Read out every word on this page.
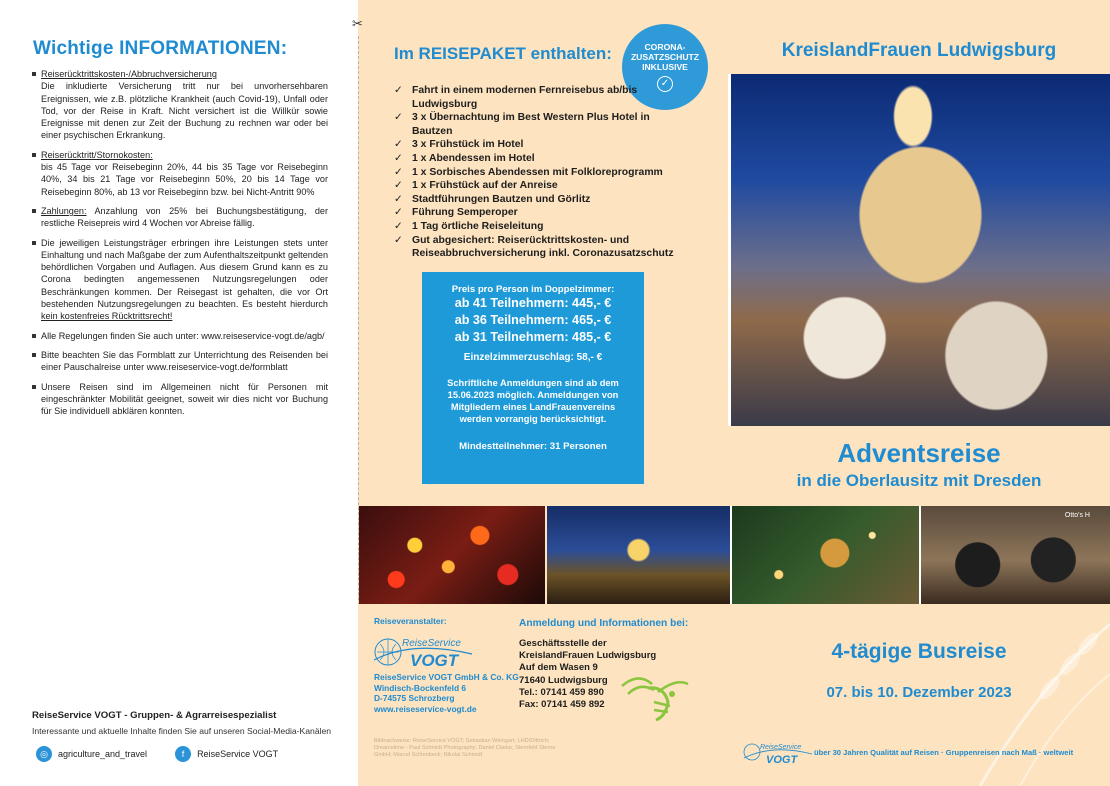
Wichtige INFORMATIONEN:
Reiserücktrittskosten-/Abbruchversicherung
Die inkludierte Versicherung tritt nur bei unvorhersehbaren Ereignissen, wie z.B. plötzliche Krankheit (auch Covid-19), Unfall oder Tod, vor der Reise in Kraft. Nicht versichert ist die Willkür sowie Ereignisse mit denen zur Zeit der Buchung zu rechnen war oder bei einer psychischen Erkrankung.
Reiserücktritt/Stornokosten:
bis 45 Tage vor Reisebeginn 20%, 44 bis 35 Tage vor Reisebeginn 40%, 34 bis 21 Tage vor Reisebeginn 50%, 20 bis 14 Tage vor Reisebeginn 80%, ab 13 vor Reisebeginn bzw. bei Nicht-Antritt 90%
Zahlungen: Anzahlung von 25% bei Buchungsbestätigung, der restliche Reisepreis wird 4 Wochen vor Abreise fällig.
Die jeweiligen Leistungsträger erbringen ihre Leistungen stets unter Einhaltung und nach Maßgabe der zum Aufenthaltszeitpunkt geltenden behördlichen Vorgaben und Auflagen. Aus diesem Grund kann es zu Corona bedingten angemessenen Nutzungsregelungen oder Beschränkungen kommen. Der Reisegast ist gehalten, die vor Ort bestehenden Nutzungsregelungen zu beachten. Es besteht hierdurch kein kostenfreies Rücktrittsrecht!
Alle Regelungen finden Sie auch unter: www.reiseservice-vogt.de/agb/
Bitte beachten Sie das Formblatt zur Unterrichtung des Reisenden bei einer Pauschalreise unter www.reiseservice-vogt.de/formblatt
Unsere Reisen sind im Allgemeinen nicht für Personen mit eingeschränkter Mobilität geeignet, soweit wir dies nicht vor Buchung für Sie individuell abklären konnten.
ReiseService VOGT - Gruppen- & Agrarreisespezialist
Interessante und aktuelle Inhalte finden Sie auf unseren Social-Media-Kanälen
◎	agriculture_and_travel	f	ReiseService VOGT
Im REISEPAKET enthalten:	CORONA-
ZUSATZSCHUTZ
INKLUSIVE
✓
✓ Fahrt in einem modernen Fernreisebus ab/bis Ludwigsburg
✓ 3 x Übernachtung im Best Western Plus Hotel in Bautzen
✓ 3 x Frühstück im Hotel
✓ 1 x Abendessen im Hotel
✓ 1 x Sorbisches Abendessen mit Folkloreprogramm
✓ 1 x Frühstück auf der Anreise
✓ Stadtführungen Bautzen und Görlitz
✓ Führung Semperoper
✓ 1 Tag örtliche Reiseleitung
✓ Gut abgesichert: Reiserücktrittskosten- und Reiseabbruchversicherung inkl. Coronazusatzschutz
Preis pro Person im Doppelzimmer:
ab 41 Teilnehmern: 445,- €
ab 36 Teilnehmern: 465,- €
ab 31 Teilnehmern: 485,- €
Einzelzimmerzuschlag: 58,- €
Schriftliche Anmeldungen sind ab dem 15.06.2023 möglich. Anmeldungen von Mitgliedern eines LandFrauenvereins werden vorrangig berücksichtigt.
Mindestteilnehmer: 31 Personen
✂
KreislandFrauen Ludwigsburg
Adventsreise
in die Oberlausitz mit Dresden
Otto's H
Reiseveranstalter:
ReiseService
VOGT
ReiseService VOGT GmbH & Co. KG
Windisch-Bockenfeld 6
D-74575 Schrozberg
www.reiseservice-vogt.de
Anmeldung und Informationen bei:
Geschäftsstelle der
KreislandFrauen Ludwigsburg
Auf dem Wasen 9
71640 Ludwigsburg
Tel.: 07141 459 890
Fax: 07141 459 892
Bildnachweise: ReiseService VOGT; Sebastian Weingart; LHD/Dittrich; Dreamstime - Paul Schmidt Photography; Daniel Clarke; Sternfeld Sterne GmbH; Marcel Schlenbeck; Nikolai Schmidt
4-tägige Busreise
07. bis 10. Dezember 2023
ReiseService
VOGT
über 30 Jahren Qualität auf Reisen · Gruppenreisen nach Maß · weltweit
